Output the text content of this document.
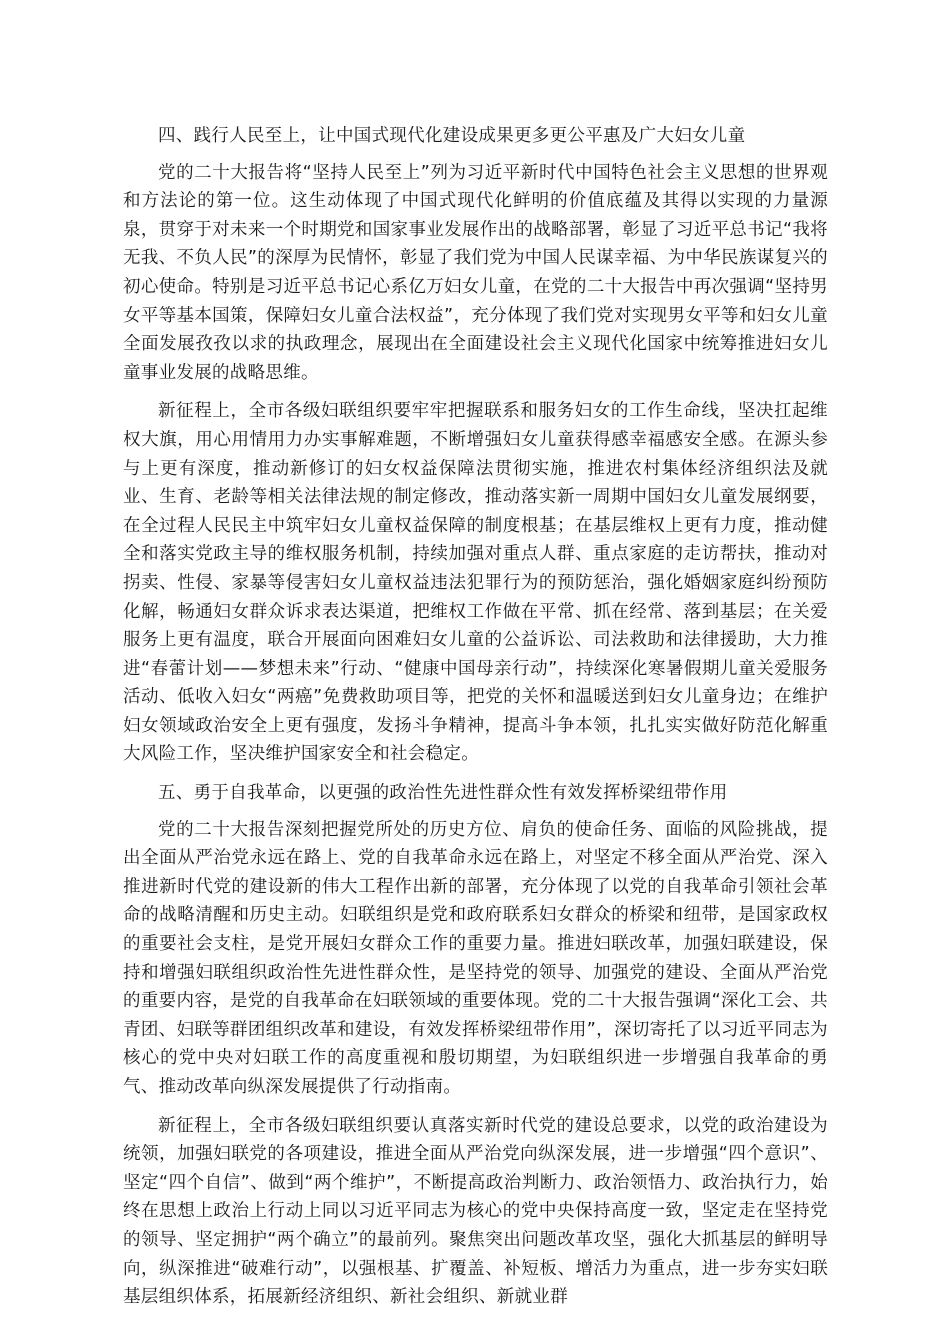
四、践行人民至上，让中国式现代化建设成果更多更公平惠及广大妇女儿童

党的二十大报告将“坚持人民至上”列为习近平新时代中国特色社会主义思想的世界观和方法论的第一位。这生动体现了中国式现代化鲜明的价值底蕴及其得以实现的力量源泉，贯穿于对未来一个时期党和国家事业发展作出的战略部署，彰显了习近平总书记“我将无我、不负人民”的深厚为民情怀，彰显了我们党为中国人民谋幸福、为中华民族谋复兴的初心使命。特别是习近平总书记心系亿万妇女儿童，在党的二十大报告中再次强调“坚持男女平等基本国策，保障妇女儿童合法权益”，充分体现了我们党对实现男女平等和妇女儿童全面发展孜孜以求的执政理念，展现出在全面建设社会主义现代化国家中统筹推进妇女儿童事业发展的战略思维。

新征程上，全市各级妇联组织要牢牢把握联系和服务妇女的工作生命线，坚决扛起维权大旗，用心用情用力办实事解难题，不断增强妇女儿童获得感幸福感安全感。在源头参与上更有深度，推动新修订的妇女权益保障法贯彻实施，推进农村集体经济组织法及就业、生育、老龄等相关法律法规的制定修改，推动落实新一周期中国妇女儿童发展纲要，在全过程人民民主中筑牢妇女儿童权益保障的制度根基；在基层维权上更有力度，推动健全和落实党政主导的维权服务机制，持续加强对重点人群、重点家庭的走访帮扶，推动对拐卖、性侵、家暴等侵害妇女儿童权益违法犯罪行为的预防惩治，强化婚姻家庭纠纷预防化解，畅通妇女群众诉求表达渠道，把维权工作做在平常、抓在经常、落到基层；在关爱服务上更有温度，联合开展面向困难妇女儿童的公益诉讼、司法救助和法律援助，大力推进“春蕾计划——梦想未来”行动、“健康中国母亲行动”，持续深化寒暑假期儿童关爱服务活动、低收入妇女“两癌”免费救助项目等，把党的关怀和温暖送到妇女儿童身边；在维护妇女领域政治安全上更有强度，发扬斗争精神，提高斗争本领，扎扎实实做好防范化解重大风险工作，坚决维护国家安全和社会稳定。

五、勇于自我革命，以更强的政治性先进性群众性有效发挥桥梁纽带作用

党的二十大报告深刻把握党所处的历史方位、肩负的使命任务、面临的风险挑战，提出全面从严治党永远在路上、党的自我革命永远在路上，对坚定不移全面从严治党、深入推进新时代党的建设新的伟大工程作出新的部署，充分体现了以党的自我革命引领社会革命的战略清醒和历史主动。妇联组织是党和政府联系妇女群众的桥梁和纽带，是国家政权的重要社会支柱，是党开展妇女群众工作的重要力量。推进妇联改革，加强妇联建设，保持和增强妇联组织政治性先进性群众性，是坚持党的领导、加强党的建设、全面从严治党的重要内容，是党的自我革命在妇联领域的重要体现。党的二十大报告强调“深化工会、共青团、妇联等群团组织改革和建设，有效发挥桥梁纽带作用”，深切寄托了以习近平同志为核心的党中央对妇联工作的高度重视和殷切期望，为妇联组织进一步增强自我革命的勇气、推动改革向纵深发展提供了行动指南。

新征程上，全市各级妇联组织要认真落实新时代党的建设总要求，以党的政治建设为统领，加强妇联党的各项建设，推进全面从严治党向纵深发展，进一步增强“四个意识”、坚定“四个自信”、做到“两个维护”，不断提高政治判断力、政治领悟力、政治执行力，始终在思想上政治上行动上同以习近平同志为核心的党中央保持高度一致，坚定走在坚持党的领导、坚定拥护“两个确立”的最前列。聚焦突出问题改革攻坚，强化大抓基层的鲜明导向，纵深推进“破难行动”，以强根基、扩覆盖、补短板、增活力为重点，进一步夯实妇联基层组织体系，拓展新经济组织、新社会组织、新就业群
